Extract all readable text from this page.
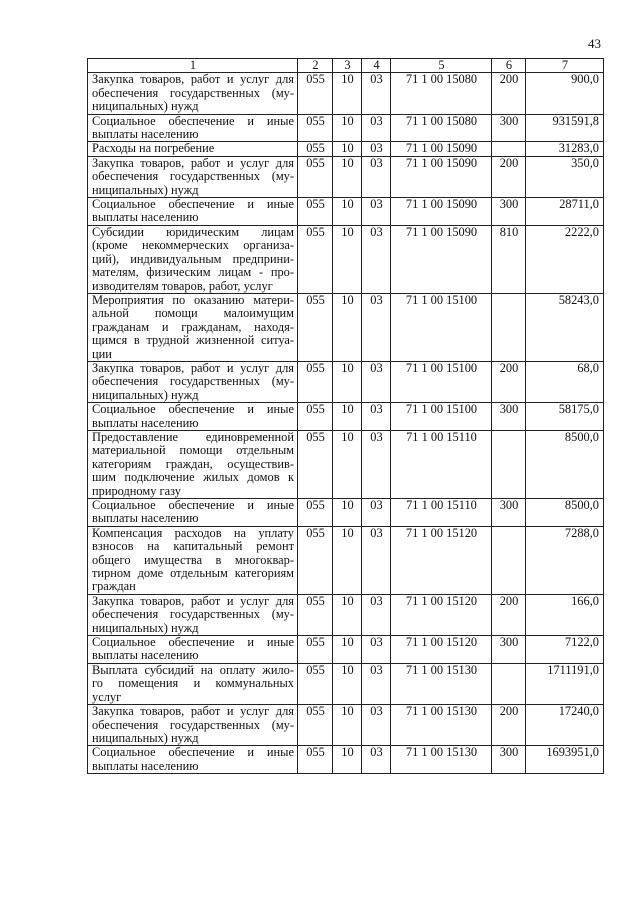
43
1	2	3	4	5	6	7

Закупка товаров, работ и услуг для
обеспечения государственных (му-
ниципальных) нужд	055	10	03	71 1 00 15080	200	900,0

Социальное обеспечение и иные
выплаты населению	055	10	03	71 1 00 15080	300	931591,8

Расходы на погребение	055	10	03	71 1 00 15090		31283,0

Закупка товаров, работ и услуг для
обеспечения государственных (му-
ниципальных) нужд	055	10	03	71 1 00 15090	200	350,0

Социальное обеспечение и иные
выплаты населению	055	10	03	71 1 00 15090	300	28711,0

Субсидии юридическим лицам
(кроме некоммерческих организа-
ций), индивидуальным предприни-
мателям, физическим лицам - про-
изводителям товаров, работ, услуг	055	10	03	71 1 00 15090	810	2222,0

Мероприятия по оказанию матери-
альной помощи малоимущим
гражданам и гражданам, находя-
щимся в трудной жизненной ситуа-
ции	055	10	03	71 1 00 15100		58243,0

Закупка товаров, работ и услуг для
обеспечения государственных (му-
ниципальных) нужд	055	10	03	71 1 00 15100	200	68,0

Социальное обеспечение и иные
выплаты населению	055	10	03	71 1 00 15100	300	58175,0

Предоставление единовременной
материальной помощи отдельным
категориям граждан, осуществив-
шим подключение жилых домов к
природному газу	055	10	03	71 1 00 15110		8500,0

Социальное обеспечение и иные
выплаты населению	055	10	03	71 1 00 15110	300	8500,0

Компенсация расходов на уплату
взносов на капитальный ремонт
общего имущества в многоквар-
тирном доме отдельным категориям
граждан	055	10	03	71 1 00 15120		7288,0

Закупка товаров, работ и услуг для
обеспечения государственных (му-
ниципальных) нужд	055	10	03	71 1 00 15120	200	166,0

Социальное обеспечение и иные
выплаты населению	055	10	03	71 1 00 15120	300	7122,0

Выплата субсидий на оплату жило-
го помещения и коммунальных
услуг	055	10	03	71 1 00 15130		1711191,0

Закупка товаров, работ и услуг для
обеспечения государственных (му-
ниципальных) нужд	055	10	03	71 1 00 15130	200	17240,0

Социальное обеспечение и иные
выплаты населению	055	10	03	71 1 00 15130	300	1693951,0
